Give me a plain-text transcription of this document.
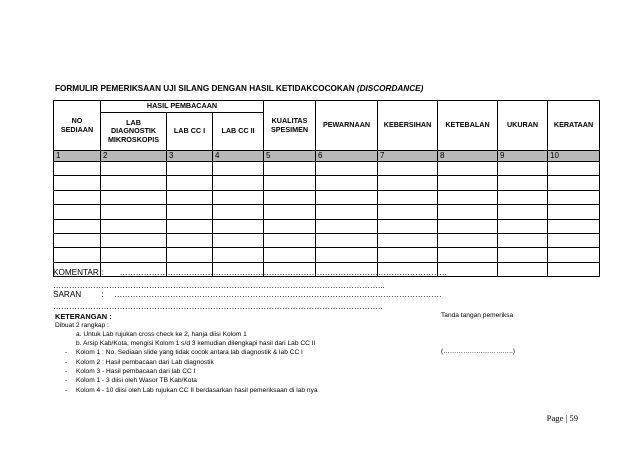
FORMULIR PEMERIKSAAN UJI SILANG DENGAN HASIL KETIDAKCOCOKAN (DISCORDANCE)
NO SEDIAAN	HASIL PEMBACAAN			KUALITAS SPESIMEN	PEWARNAAN	KEBERSIHAN	KETEBALAN	UKURAN	KERATAAN
	LAB DIAGNOSTIK MIKROSKOPIS	LAB CC I	LAB CC II						
1	2	3	4	5	6	7	8	9	10

KOMENTAR : ……………………………………………………………………………………………………………
……………………………………………………………………………………………………………..
SARAN : ……………………………………………………………………………………………………………
…………………………………………………………………………………………………………….
KETERANGAN :
Dibuat 2 rangkap :
a. Untuk Lab rujukan cross check ke 2, hanja diisi Kolom 1
b. Arsip Kab/Kota, mengisi Kolom 1 s/d 3 kemudian dilengkapi hasil dari Lab CC II
- Kolom 1 : No. Sediaan slide yang tidak cocok antara lab diagnostik & lab CC I
- Kolom 2 : Hasil pembacaan dari Lab diagnostik
- Kolom 3 - Hasil pembacaan dari lab CC I
- Kolom 1 - 3 diisi oleh Wasor TB Kab/Kota
- Kolom 4 - 10 diisi oleh Lab rujukan CC II berdasarkan hasil pemeriksaan di lab nya
Tanda tangan pemeriksa
(…………………………..)
Page | 59
